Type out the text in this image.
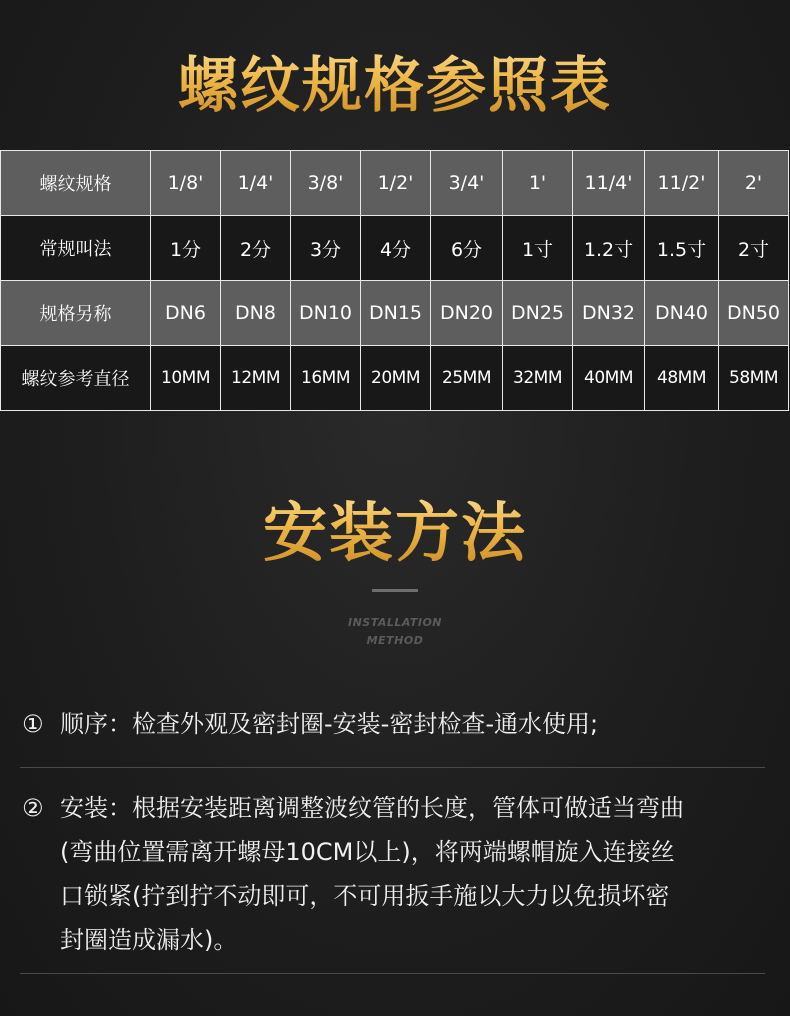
螺纹规格参照表
螺纹规格	1/8'	1/4'	3/8'	1/2'	3/4'	1'	11/4'	11/2'	2'
常规叫法	1分	2分	3分	4分	6分	1寸	1.2寸	1.5寸	2寸
规格另称	DN6	DN8	DN10	DN15	DN20	DN25	DN32	DN40	DN50
螺纹参考直径	10MM	12MM	16MM	20MM	25MM	32MM	40MM	48MM	58MM
安装方法
INSTALLATION
METHOD
① 顺序：检查外观及密封圈-安装-密封检查-通水使用;
② 安装：根据安装距离调整波纹管的长度，管体可做适当弯曲
(弯曲位置需离开螺母10CM以上)，将两端螺帽旋入连接丝
口锁紧(拧到拧不动即可，不可用扳手施以大力以免损坏密
封圈造成漏水)。
